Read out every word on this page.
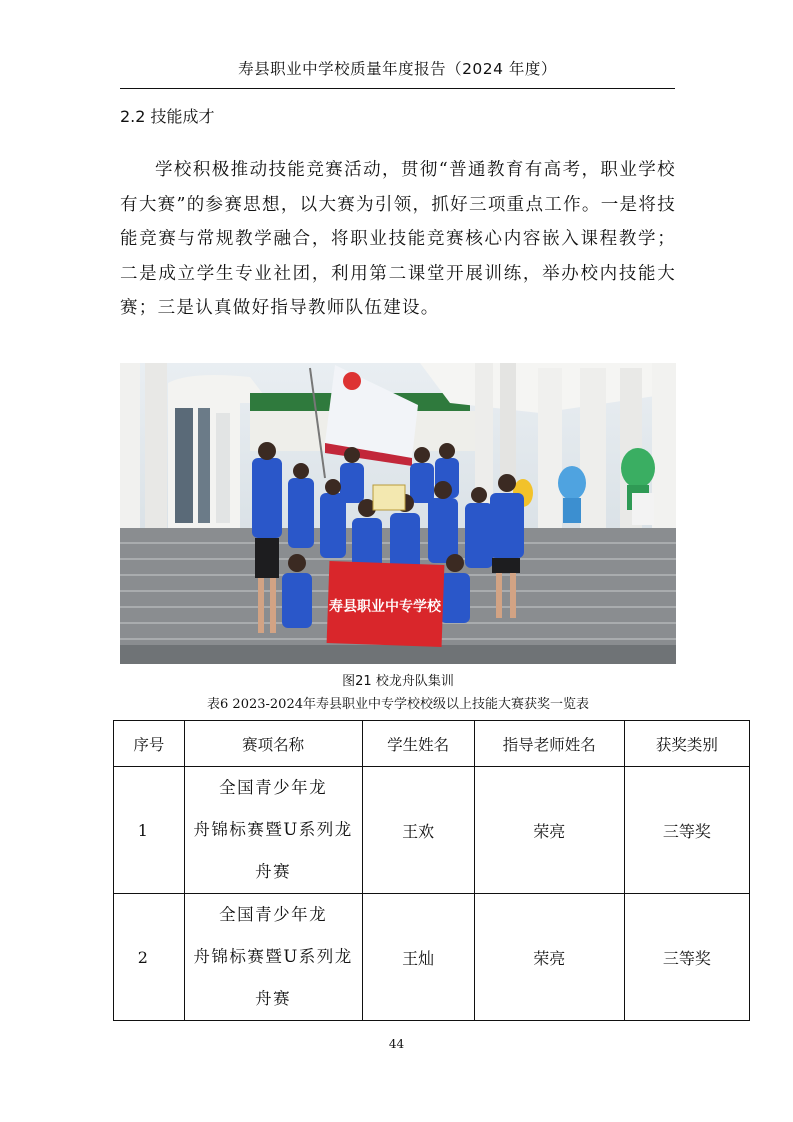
寿县职业中学校质量年度报告（2024 年度）
2.2 技能成才
学校积极推动技能竞赛活动，贯彻“普通教育有高考，职业学校有大赛”的参赛思想，以大赛为引领，抓好三项重点工作。一是将技能竞赛与常规教学融合，将职业技能竞赛核心内容嵌入课程教学；二是成立学生专业社团，利用第二课堂开展训练，举办校内技能大赛；三是认真做好指导教师队伍建设。
寿县职业中专学校
图21 校龙舟队集训
表6 2023-2024年寿县职业中专学校校级以上技能大赛获奖一览表
序号	赛项名称	学生姓名	指导老师姓名	获奖类别
1	全国青少年龙
舟锦标赛暨U系列龙
舟赛	王欢	荣亮	三等奖
2	全国青少年龙
舟锦标赛暨U系列龙
舟赛	王灿	荣亮	三等奖
44
